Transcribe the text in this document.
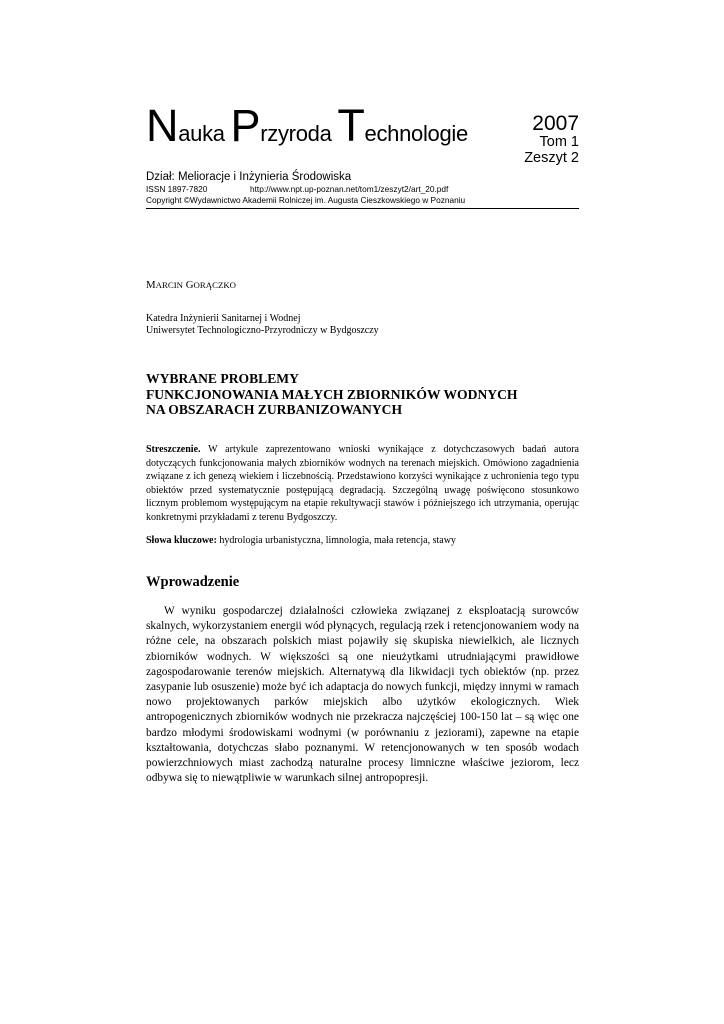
Nauka Przyroda Technologie	2007
Tom 1
Zeszyt 2
Dział: Melioracje i Inżynieria Środowiska
ISSN 1897-7820	http://www.npt.up-poznan.net/tom1/zeszyt2/art_20.pdf
Copyright ©Wydawnictwo Akademii Rolniczej im. Augusta Cieszkowskiego w Poznaniu
MARCIN GORĄCZKO
Katedra Inżynierii Sanitarnej i Wodnej
Uniwersytet Technologiczno-Przyrodniczy w Bydgoszczy
WYBRANE PROBLEMY
FUNKCJONOWANIA MAŁYCH ZBIORNIKÓW WODNYCH
NA OBSZARACH ZURBANIZOWANYCH
Streszczenie. W artykule zaprezentowano wnioski wynikające z dotychczasowych badań autora dotyczących funkcjonowania małych zbiorników wodnych na terenach miejskich. Omówiono zagadnienia związane z ich genezą wiekiem i liczebnością. Przedstawiono korzyści wynikające z uchronienia tego typu obiektów przed systematycznie postępującą degradacją. Szczególną uwagę poświęcono stosunkowo licznym problemom występującym na etapie rekultywacji stawów i późniejszego ich utrzymania, operując konkretnymi przykładami z terenu Bydgoszczy.
Słowa kluczowe: hydrologia urbanistyczna, limnologia, mała retencja, stawy
Wprowadzenie
W wyniku gospodarczej działalności człowieka związanej z eksploatacją surowców skalnych, wykorzystaniem energii wód płynących, regulacją rzek i retencjonowaniem wody na różne cele, na obszarach polskich miast pojawiły się skupiska niewielkich, ale licznych zbiorników wodnych. W większości są one nieużytkami utrudniającymi prawidłowe zagospodarowanie terenów miejskich. Alternatywą dla likwidacji tych obiektów (np. przez zasypanie lub osuszenie) może być ich adaptacja do nowych funkcji, między innymi w ramach nowo projektowanych parków miejskich albo użytków ekologicznych. Wiek antropogenicznych zbiorników wodnych nie przekracza najczęściej 100-150 lat – są więc one bardzo młodymi środowiskami wodnymi (w porównaniu z jeziorami), zapewne na etapie kształtowania, dotychczas słabo poznanymi. W retencjonowanych w ten sposób wodach powierzchniowych miast zachodzą naturalne procesy limniczne właściwe jeziorom, lecz odbywa się to niewątpliwie w warunkach silnej antropopresji.
